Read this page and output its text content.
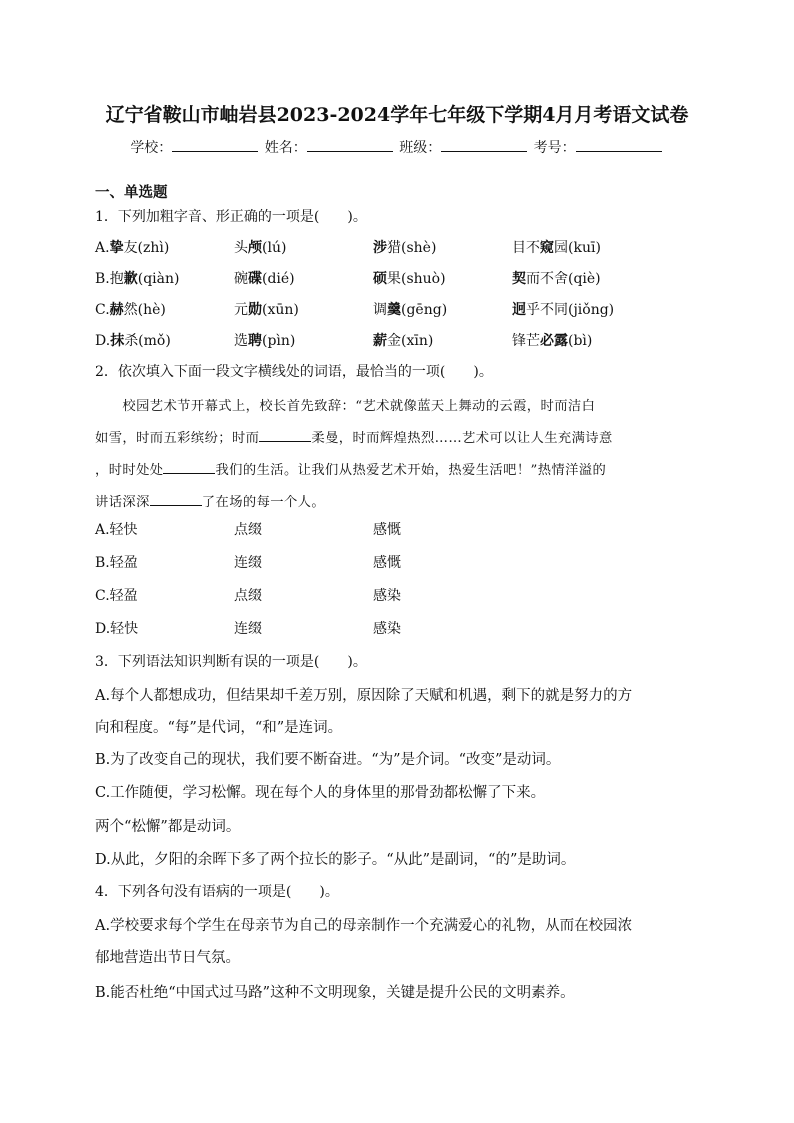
辽宁省鞍山市岫岩县2023-2024学年七年级下学期4月月考语文试卷
学校：	姓名：	班级：	考号：
一、单选题
1．下列加粗字音、形正确的一项是(　　)。
A.挚友(zhì)	头颅(lú)	涉猎(shè)	目不窥园(kuī)
B.抱歉(qiàn)	碗碟(dié)	硕果(shuò)	契而不舍(qiè)
C.赫然(hè)	元勋(xūn)	调羹(gēng)	迥乎不同(jiǒng)
D.抹杀(mǒ)	选聘(pìn)	薪金(xīn)	锋芒必露(bì)
2．依次填入下面一段文字横线处的词语，最恰当的一项(　　)。
　　校园艺术节开幕式上，校长首先致辞：“艺术就像蓝天上舞动的云霞，时而洁白
如雪，时而五彩缤纷；时而	柔曼，时而辉煌热烈……艺术可以让人生充满诗意
，时时处处	我们的生活。让我们从热爱艺术开始，热爱生活吧！”热情洋溢的
讲话深深	了在场的每一个人。
A.轻快	点缀	感慨
B.轻盈	连缀	感慨
C.轻盈	点缀	感染
D.轻快	连缀	感染
3．下列语法知识判断有误的一项是(　　)。
A.每个人都想成功，但结果却千差万别，原因除了天赋和机遇，剩下的就是努力的方
向和程度。“每”是代词，“和”是连词。
B.为了改变自己的现状，我们要不断奋进。“为”是介词。“改变”是动词。
C.工作随便，学习松懈。现在每个人的身体里的那骨劲都松懈了下来。
两个“松懈”都是动词。
D.从此，夕阳的余晖下多了两个拉长的影子。“从此”是副词，“的”是助词。
4．下列各句没有语病的一项是(　　)。
A.学校要求每个学生在母亲节为自己的母亲制作一个充满爱心的礼物，从而在校园浓
郁地营造出节日气氛。
B.能否杜绝“中国式过马路”这种不文明现象，关键是提升公民的文明素养。
